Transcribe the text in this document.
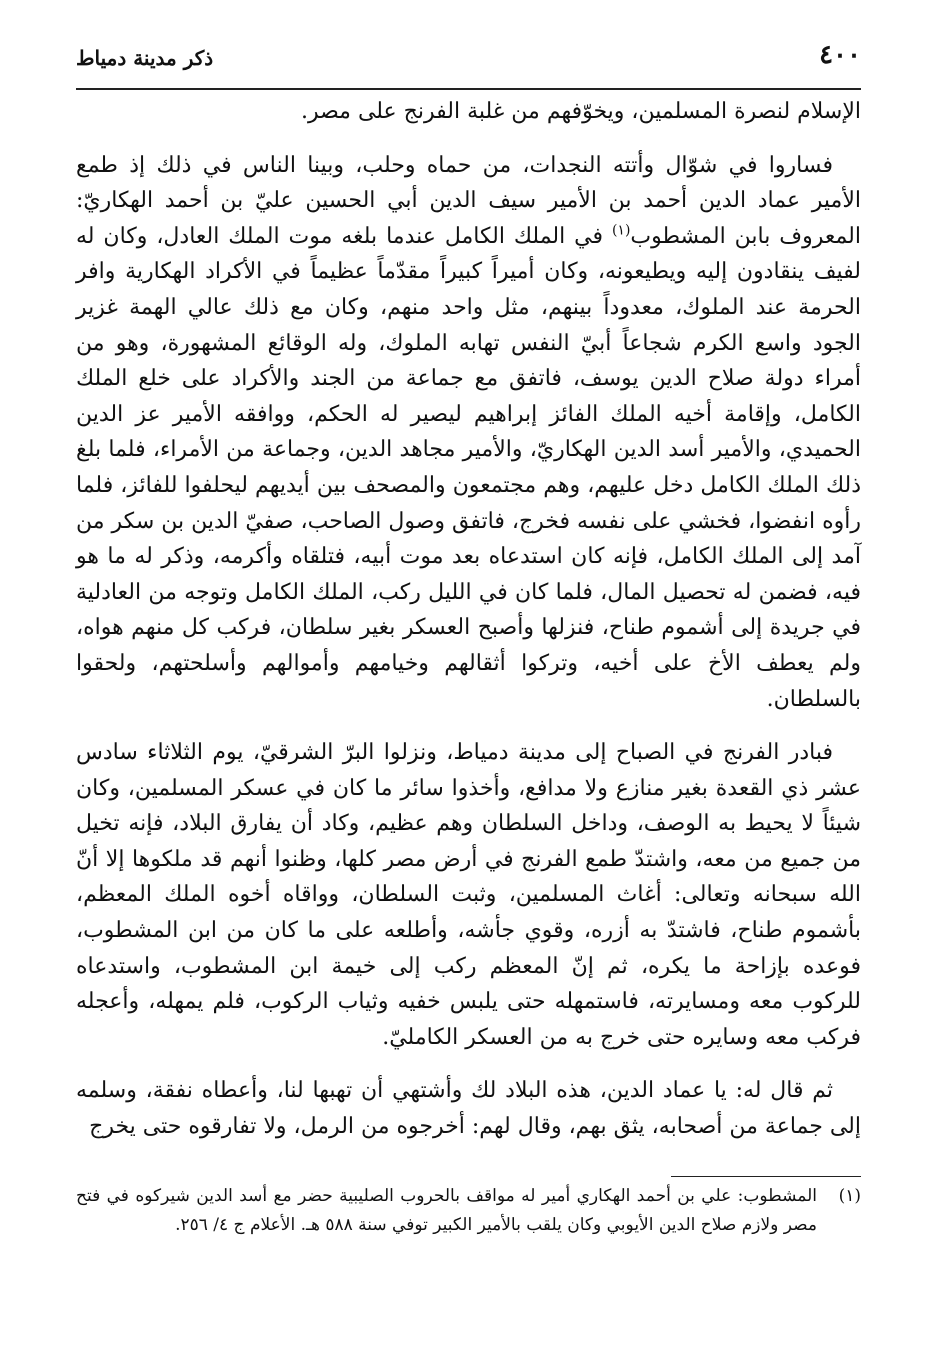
٤٠٠
ذكر مدينة دمياط

الإسلام لنصرة المسلمين، ويخوّفهم من غلبة الفرنج على مصر.

فساروا في شوّال وأتته النجدات، من حماه وحلب، وبينا الناس في ذلك إذ طمع الأمير عماد الدين أحمد بن الأمير سيف الدين أبي الحسين عليّ بن أحمد الهكاريّ: المعروف بابن المشطوب$^{(١)}$ في الملك الكامل عندما بلغه موت الملك العادل، وكان له لفيف ينقادون إليه ويطيعونه، وكان أميراً كبيراً مقدّماً عظيماً في الأكراد الهكارية وافر الحرمة عند الملوك، معدوداً بينهم، مثل واحد منهم، وكان مع ذلك عالي الهمة غزير الجود واسع الكرم شجاعاً أبيّ النفس تهابه الملوك، وله الوقائع المشهورة، وهو من أمراء دولة صلاح الدين يوسف، فاتفق مع جماعة من الجند والأكراد على خلع الملك الكامل، وإقامة أخيه الملك الفائز إبراهيم ليصير له الحكم، ووافقه الأمير عز الدين الحميدي، والأمير أسد الدين الهكاريّ، والأمير مجاهد الدين، وجماعة من الأمراء، فلما بلغ ذلك الملك الكامل دخل عليهم، وهم مجتمعون والمصحف بين أيديهم ليحلفوا للفائز، فلما رأوه انفضوا، فخشي على نفسه فخرج، فاتفق وصول الصاحب، صفيّ الدين بن سكر من آمد إلى الملك الكامل، فإنه كان استدعاه بعد موت أبيه، فتلقاه وأكرمه، وذكر له ما هو فيه، فضمن له تحصيل المال، فلما كان في الليل ركب، الملك الكامل وتوجه من العادلية في جريدة إلى أشموم طناح، فنزلها وأصبح العسكر بغير سلطان، فركب كل منهم هواه، ولم يعطف الأخ على أخيه، وتركوا أثقالهم وخيامهم وأموالهم وأسلحتهم، ولحقوا بالسلطان.

فبادر الفرنج في الصباح إلى مدينة دمياط، ونزلوا البرّ الشرقيّ، يوم الثلاثاء سادس عشر ذي القعدة بغير منازع ولا مدافع، وأخذوا سائر ما كان في عسكر المسلمين، وكان شيئاً لا يحيط به الوصف، وداخل السلطان وهم عظيم، وكاد أن يفارق البلاد، فإنه تخيل من جميع من معه، واشتدّ طمع الفرنج في أرض مصر كلها، وظنوا أنهم قد ملكوها إلا أنّ الله سبحانه وتعالى: أغاث المسلمين، وثبت السلطان، وواقاه أخوه الملك المعظم، بأشموم طناح، فاشتدّ به أزره، وقوي جأشه، وأطلعه على ما كان من ابن المشطوب، فوعده بإزاحة ما يكره، ثم إنّ المعظم ركب إلى خيمة ابن المشطوب، واستدعاه للركوب معه ومسايرته، فاستمهله حتى يلبس خفيه وثياب الركوب، فلم يمهله، وأعجله فركب معه وسايره حتى خرج به من العسكر الكامليّ.

ثم قال له: يا عماد الدين، هذه البلاد لك وأشتهي أن تهبها لنا، وأعطاه نفقة، وسلمه إلى جماعة من أصحابه، يثق بهم، وقال لهم: أخرجوه من الرمل، ولا تفارقوه حتى يخرج

(١)
المشطوب: علي بن أحمد الهكاري أمير له مواقف بالحروب الصليبية حضر مع أسد الدين شيركوه في فتح مصر ولازم صلاح الدين الأيوبي وكان يلقب بالأمير الكبير توفي سنة ٥٨٨ هـ. الأعلام ج ٤/ ٢٥٦.
